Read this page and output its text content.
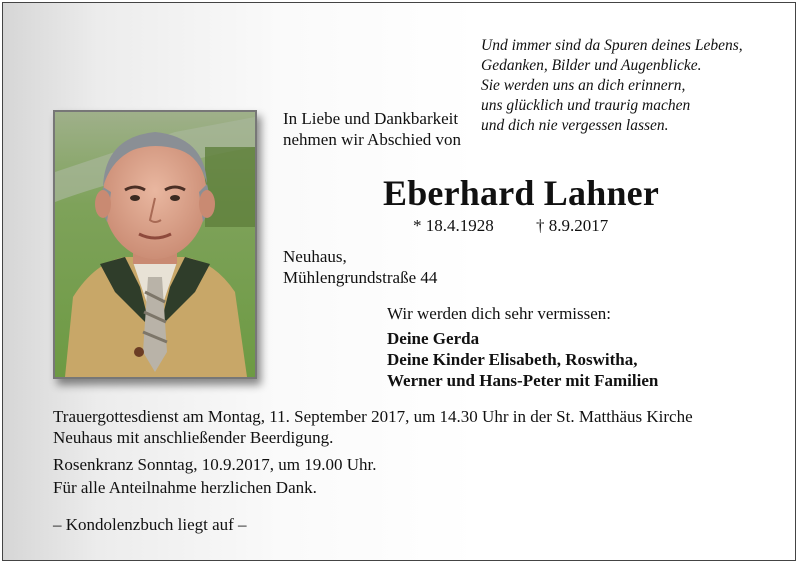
Und immer sind da Spuren deines Lebens,
Gedanken, Bilder und Augenblicke.
Sie werden uns an dich erinnern,
uns glücklich und traurig machen
und dich nie vergessen lassen.
In Liebe und Dankbarkeit
nehmen wir Abschied von
Eberhard Lahner
* 18.4.1928 † 8.9.2017
Neuhaus,
Mühlengrundstraße 44
Wir werden dich sehr vermissen:
Deine Gerda
Deine Kinder Elisabeth, Roswitha,
Werner und Hans-Peter mit Familien
Trauergottesdienst am Montag, 11. September 2017, um 14.30 Uhr in der St. Matthäus Kirche
Neuhaus mit anschließender Beerdigung.
Rosenkranz Sonntag, 10.9.2017, um 19.00 Uhr.
Für alle Anteilnahme herzlichen Dank.
– Kondolenzbuch liegt auf –
